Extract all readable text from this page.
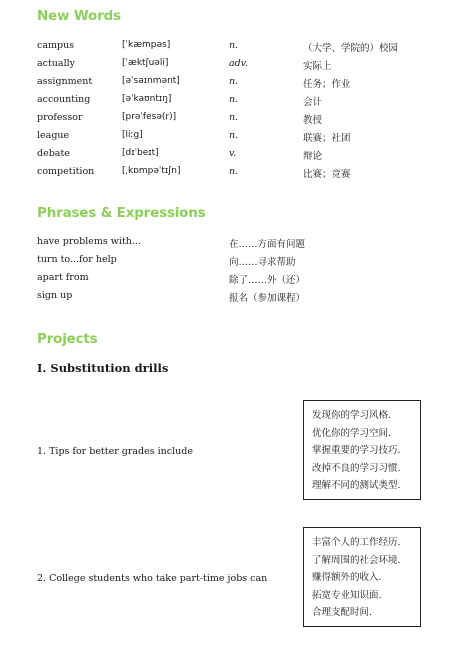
New Words
campus	[ˈkæmpəs]	n.	（大学、学院的）校园
actually	[ˈæktʃuəli]	adv.	实际上
assignment	[əˈsaɪnmənt]	n.	任务；作业
accounting	[əˈkaʊntɪŋ]	n.	会计
professor	[prəˈfesə(r)]	n.	教授
league	[liːg]	n.	联赛；社团
debate	[dɪˈbeɪt]	v.	辩论
competition	[ˌkɒmpəˈtɪʃn]	n.	比赛；竞赛
Phrases & Expressions
have problems with...	在……方面有问题
turn to...for help	向……寻求帮助
apart from	除了……外（还）
sign up	报名（参加课程）
Projects
Ⅰ. Substitution drills
1. Tips for better grades include
发现你的学习风格.
优化你的学习空间.
掌握重要的学习技巧.
改掉不良的学习习惯.
理解不同的测试类型.
2. College students who take part-time jobs can
丰富个人的工作经历.
了解周围的社会环境.
赚得额外的收入.
拓宽专业知识面.
合理支配时间.
